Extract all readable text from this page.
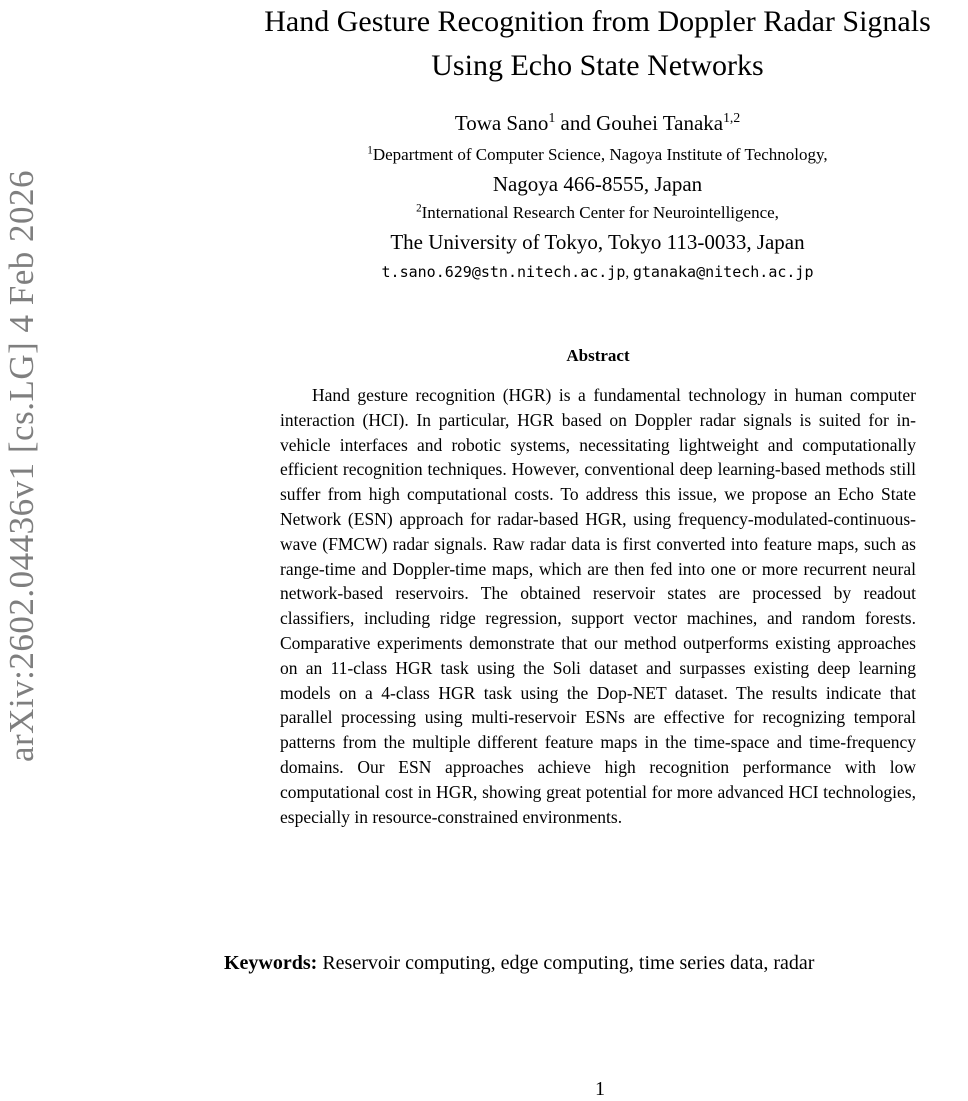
arXiv:2602.04436v1 [cs.LG] 4 Feb 2026
Hand Gesture Recognition from Doppler Radar Signals Using Echo State Networks

Towa Sano$^1$ and Gouhei Tanaka$^{1,2}$

$^1$Department of Computer Science, Nagoya Institute of Technology,

Nagoya 466-8555, Japan

$^2$International Research Center for Neurointelligence,

The University of Tokyo, Tokyo 113-0033, Japan

t.sano.629@stn.nitech.ac.jp, gtanaka@nitech.ac.jp

Abstract

Hand gesture recognition (HGR) is a fundamental technology in human computer interaction (HCI). In particular, HGR based on Doppler radar signals is suited for in-vehicle interfaces and robotic systems, necessitating lightweight and computationally efficient recognition techniques. However, conventional deep learning-based methods still suffer from high computational costs. To address this issue, we propose an Echo State Network (ESN) approach for radar-based HGR, using frequency-modulated-continuous-wave (FMCW) radar signals. Raw radar data is first converted into feature maps, such as range-time and Doppler-time maps, which are then fed into one or more recurrent neural network-based reservoirs. The obtained reservoir states are processed by readout classifiers, including ridge regression, support vector machines, and random forests. Comparative experiments demonstrate that our method outperforms existing approaches on an 11-class HGR task using the Soli dataset and surpasses existing deep learning models on a 4-class HGR task using the Dop-NET dataset. The results indicate that parallel processing using multi-reservoir ESNs are effective for recognizing temporal patterns from the multiple different feature maps in the time-space and time-frequency domains. Our ESN approaches achieve high recognition performance with low computational cost in HGR, showing great potential for more advanced HCI technologies, especially in resource-constrained environments.

Keywords: Reservoir computing, edge computing, time series data, radar

1
